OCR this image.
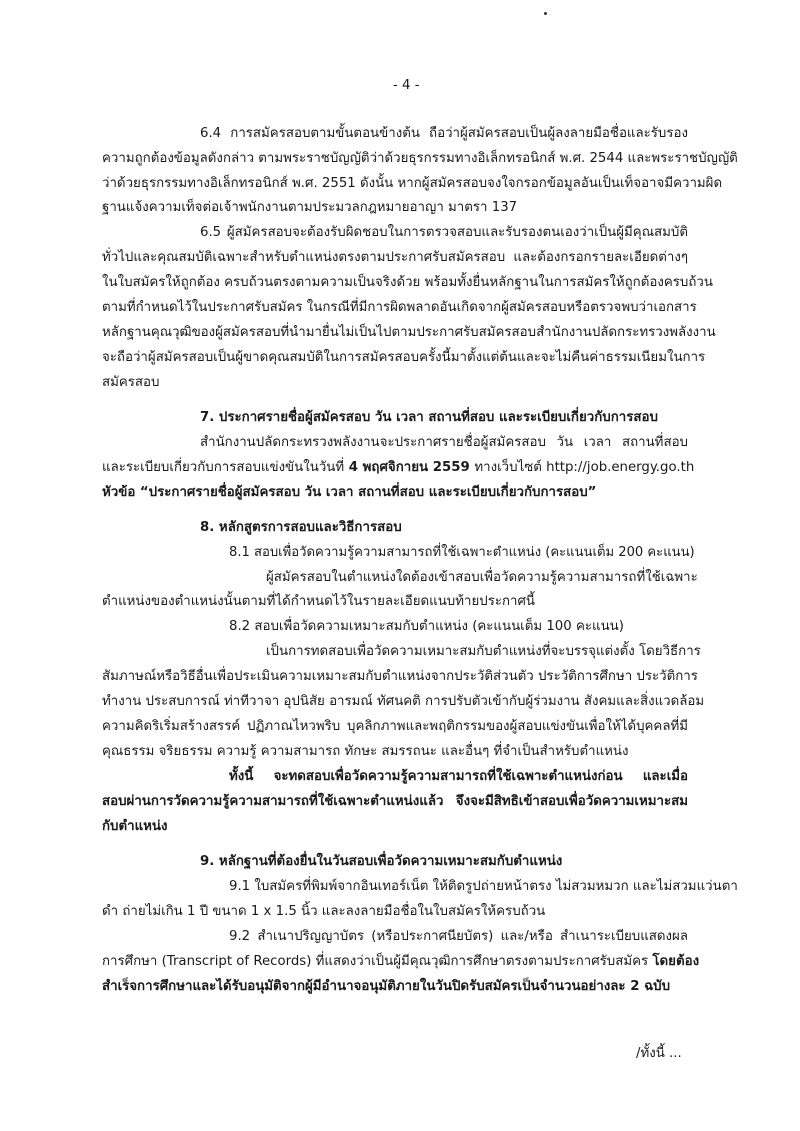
- 4 -
6.4 การสมัครสอบตามขั้นตอนข้างต้น ถือว่าผู้สมัครสอบเป็นผู้ลงลายมือชื่อและรับรอง
ความถูกต้องข้อมูลดังกล่าว ตามพระราชบัญญัติว่าด้วยธุรกรรมทางอิเล็กทรอนิกส์ พ.ศ. 2544 และพระราชบัญญัติ
ว่าด้วยธุรกรรมทางอิเล็กทรอนิกส์ พ.ศ. 2551 ดังนั้น หากผู้สมัครสอบจงใจกรอกข้อมูลอันเป็นเท็จอาจมีความผิด
ฐานแจ้งความเท็จต่อเจ้าพนักงานตามประมวลกฎหมายอาญา มาตรา 137
6.5 ผู้สมัครสอบจะต้องรับผิดชอบในการตรวจสอบและรับรองตนเองว่าเป็นผู้มีคุณสมบัติ
ทั่วไปและคุณสมบัติเฉพาะสำหรับตำแหน่งตรงตามประกาศรับสมัครสอบ และต้องกรอกรายละเอียดต่างๆ
ในใบสมัครให้ถูกต้อง ครบถ้วนตรงตามความเป็นจริงด้วย พร้อมทั้งยื่นหลักฐานในการสมัครให้ถูกต้องครบถ้วน
ตามที่กำหนดไว้ในประกาศรับสมัคร ในกรณีที่มีการผิดพลาดอันเกิดจากผู้สมัครสอบหรือตรวจพบว่าเอกสาร
หลักฐานคุณวุฒิของผู้สมัครสอบที่นำมายื่นไม่เป็นไปตามประกาศรับสมัครสอบสำนักงานปลัดกระทรวงพลังงาน
จะถือว่าผู้สมัครสอบเป็นผู้ขาดคุณสมบัติในการสมัครสอบครั้งนี้มาตั้งแต่ต้นและจะไม่คืนค่าธรรมเนียมในการ
สมัครสอบ
7. ประกาศรายชื่อผู้สมัครสอบ วัน เวลา สถานที่สอบ และระเบียบเกี่ยวกับการสอบ
สำนักงานปลัดกระทรวงพลังงานจะประกาศรายชื่อผู้สมัครสอบ วัน เวลา สถานที่สอบ
และระเบียบเกี่ยวกับการสอบแข่งขันในวันที่ 4 พฤศจิกายน 2559 ทางเว็บไซต์ http://job.energy.go.th
หัวข้อ “ประกาศรายชื่อผู้สมัครสอบ วัน เวลา สถานที่สอบ และระเบียบเกี่ยวกับการสอบ”
8. หลักสูตรการสอบและวิธีการสอบ
8.1 สอบเพื่อวัดความรู้ความสามารถที่ใช้เฉพาะตำแหน่ง (คะแนนเต็ม 200 คะแนน)
ผู้สมัครสอบในตำแหน่งใดต้องเข้าสอบเพื่อวัดความรู้ความสามารถที่ใช้เฉพาะ
ตำแหน่งของตำแหน่งนั้นตามที่ได้กำหนดไว้ในรายละเอียดแนบท้ายประกาศนี้
8.2 สอบเพื่อวัดความเหมาะสมกับตำแหน่ง (คะแนนเต็ม 100 คะแนน)
เป็นการทดสอบเพื่อวัดความเหมาะสมกับตำแหน่งที่จะบรรจุแต่งตั้ง โดยวิธีการ
สัมภาษณ์หรือวิธีอื่นเพื่อประเมินความเหมาะสมกับตำแหน่งจากประวัติส่วนตัว ประวัติการศึกษา ประวัติการ
ทำงาน ประสบการณ์ ท่าทีวาจา อุปนิสัย อารมณ์ ทัศนคติ การปรับตัวเข้ากับผู้ร่วมงาน สังคมและสิ่งแวดล้อม
ความคิดริเริ่มสร้างสรรค์ ปฏิภาณไหวพริบ บุคลิกภาพและพฤติกรรมของผู้สอบแข่งขันเพื่อให้ได้บุคคลที่มี
คุณธรรม จริยธรรม ความรู้ ความสามารถ ทักษะ สมรรถนะ และอื่นๆ ที่จำเป็นสำหรับตำแหน่ง
ทั้งนี้ จะทดสอบเพื่อวัดความรู้ความสามารถที่ใช้เฉพาะตำแหน่งก่อน และเมื่อ
สอบผ่านการวัดความรู้ความสามารถที่ใช้เฉพาะตำแหน่งแล้ว จึงจะมีสิทธิเข้าสอบเพื่อวัดความเหมาะสม
กับตำแหน่ง
9. หลักฐานที่ต้องยื่นในวันสอบเพื่อวัดความเหมาะสมกับตำแหน่ง
9.1 ใบสมัครที่พิมพ์จากอินเทอร์เน็ต ให้ติดรูปถ่ายหน้าตรง ไม่สวมหมวก และไม่สวมแว่นตา
ดำ ถ่ายไม่เกิน 1 ปี ขนาด 1 x 1.5 นิ้ว และลงลายมือชื่อในใบสมัครให้ครบถ้วน
9.2 สำเนาปริญญาบัตร (หรือประกาศนียบัตร) และ/หรือ สำเนาระเบียบแสดงผล
การศึกษา (Transcript of Records) ที่แสดงว่าเป็นผู้มีคุณวุฒิการศึกษาตรงตามประกาศรับสมัคร โดยต้อง
สำเร็จการศึกษาและได้รับอนุมัติจากผู้มีอำนาจอนุมัติภายในวันปิดรับสมัครเป็นจำนวนอย่างละ 2 ฉบับ
/ทั้งนี้ ...
